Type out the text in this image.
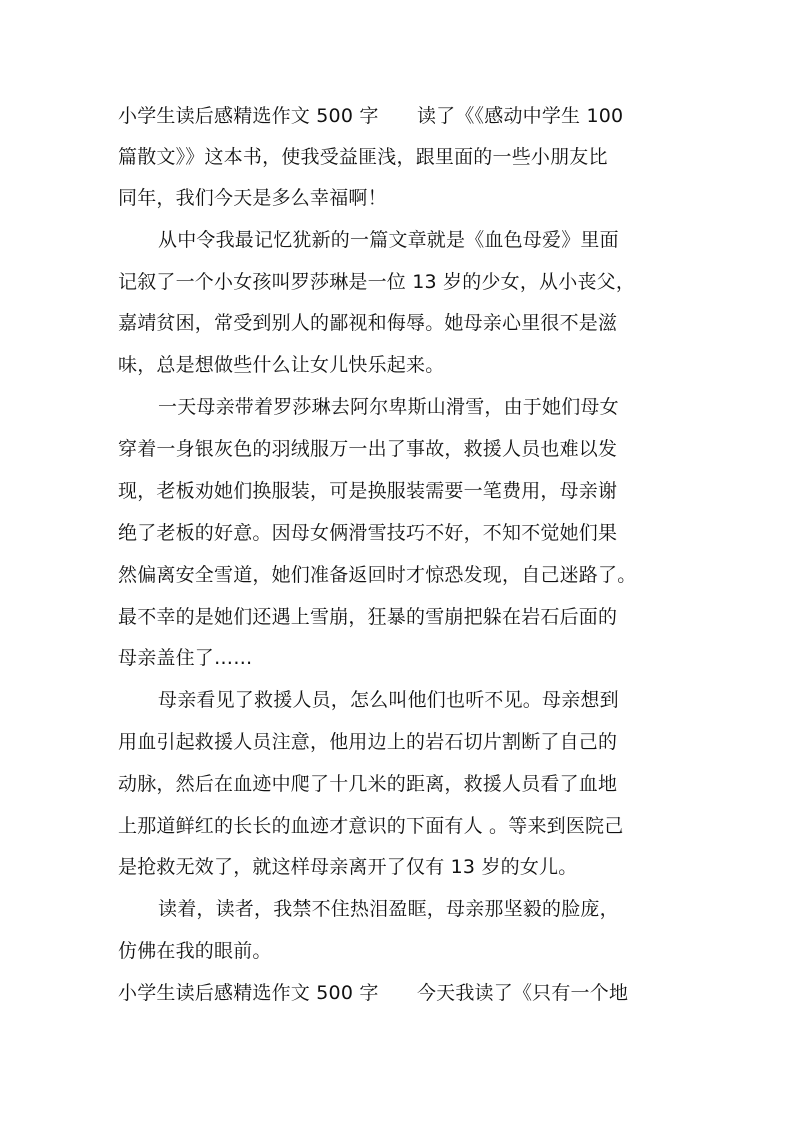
小学生读后感精选作文 500 字　　读了《《感动中学生 100
篇散文》》这本书，使我受益匪浅，跟里面的一些小朋友比
同年，我们今天是多么幸福啊！
从中令我最记忆犹新的一篇文章就是《血色母爱》里面
记叙了一个小女孩叫罗莎琳是一位 13 岁的少女，从小丧父，
嘉靖贫困，常受到别人的鄙视和侮辱。她母亲心里很不是滋
味，总是想做些什么让女儿快乐起来。
一天母亲带着罗莎琳去阿尔卑斯山滑雪，由于她们母女
穿着一身银灰色的羽绒服万一出了事故，救援人员也难以发
现，老板劝她们换服装，可是换服装需要一笔费用，母亲谢
绝了老板的好意。因母女俩滑雪技巧不好，不知不觉她们果
然偏离安全雪道，她们准备返回时才惊恐发现，自己迷路了。
最不幸的是她们还遇上雪崩，狂暴的雪崩把躲在岩石后面的
母亲盖住了……
母亲看见了救援人员，怎么叫他们也听不见。母亲想到
用血引起救援人员注意，他用边上的岩石切片割断了自己的
动脉，然后在血迹中爬了十几米的距离，救援人员看了血地
上那道鲜红的长长的血迹才意识的下面有人 。等来到医院己
是抢救无效了，就这样母亲离开了仅有 13 岁的女儿。
读着，读者，我禁不住热泪盈眶，母亲那坚毅的脸庞，
仿佛在我的眼前。
小学生读后感精选作文 500 字　　今天我读了《只有一个地
